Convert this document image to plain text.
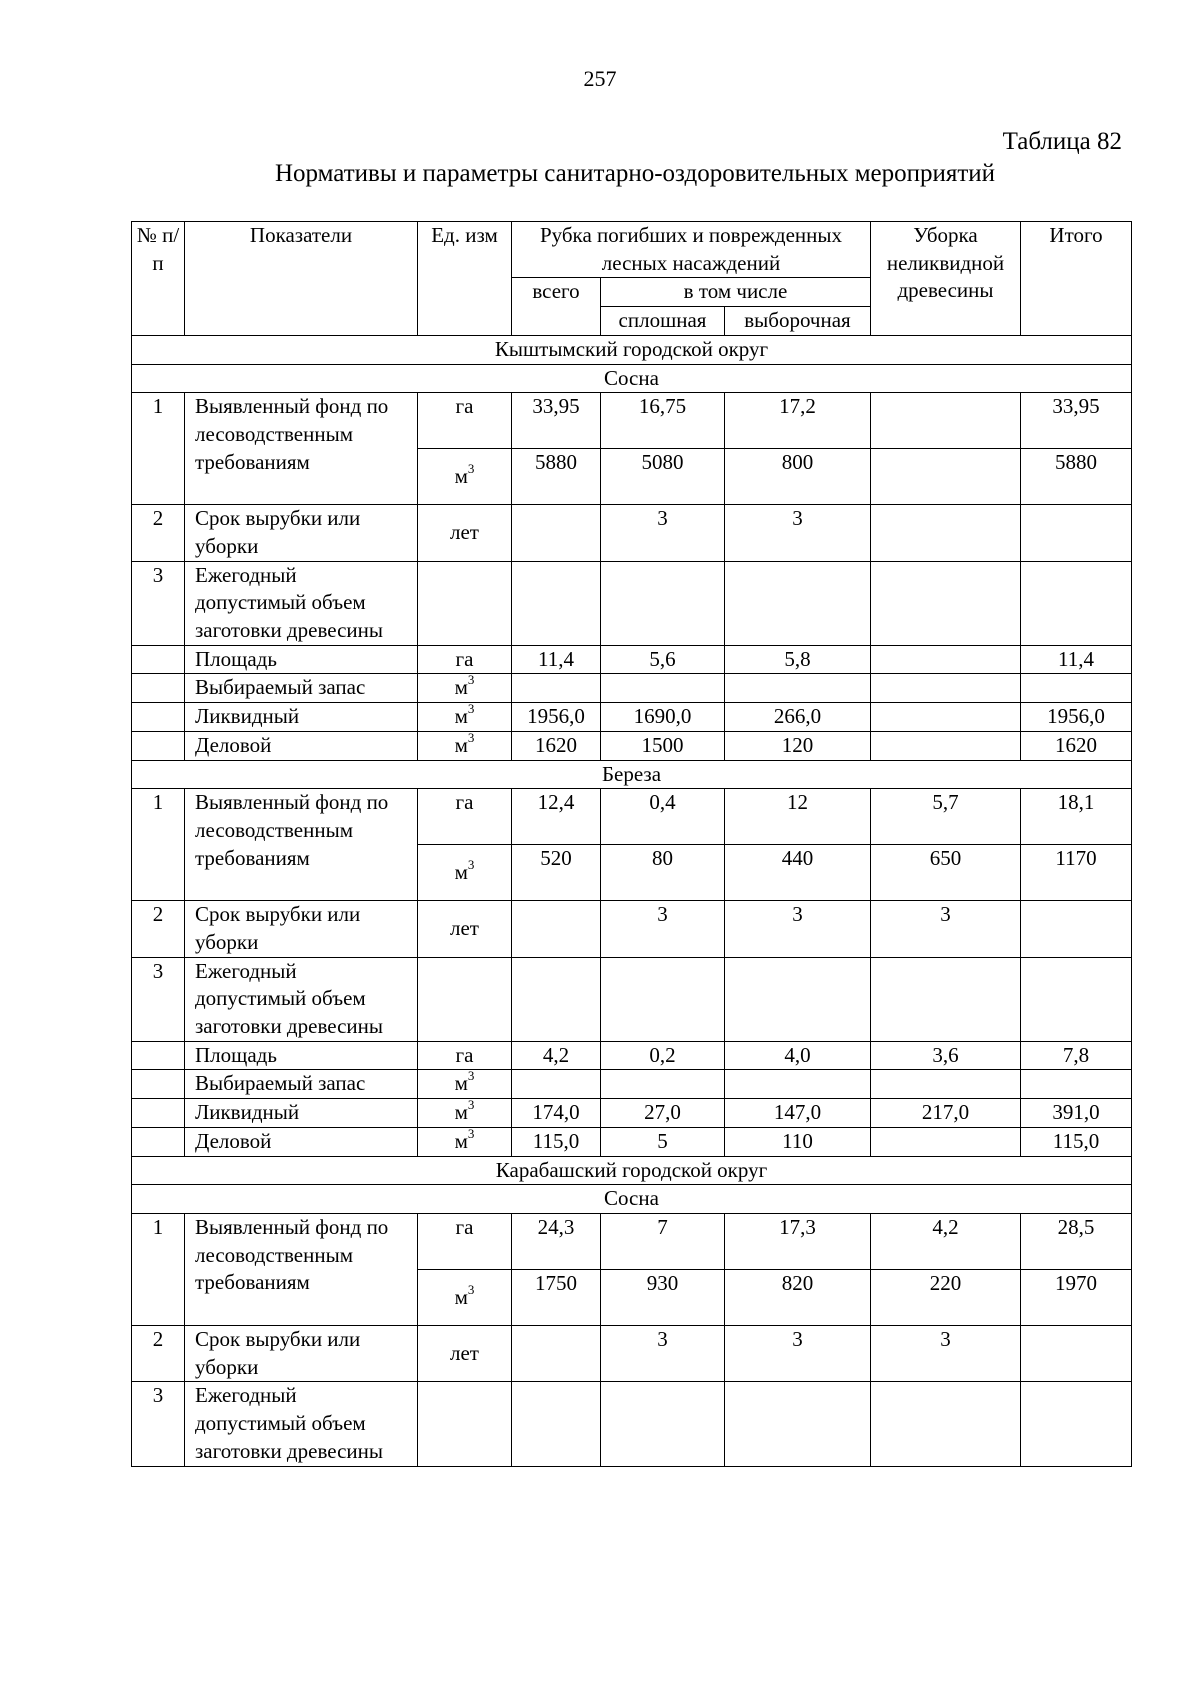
257
Таблица 82
Нормативы и параметры санитарно-оздоровительных мероприятий
№ п/п	Показатели	Ед. изм	Рубка погибших и поврежденных лесных насаждений			Уборка неликвидной древесины	Итого
			всего	в том числе			
				сплошная	выборочная		
Кыштымский городской округ							
Сосна							
1	Выявленный фонд по лесоводственным требованиям	га	33,95	16,75	17,2		33,95
		$м^3$	5880	5080	800		5880
2	Срок вырубки или уборки	лет		3	3		
3	Ежегодный допустимый объем заготовки древесины						
	Площадь	га	11,4	5,6	5,8		11,4
	Выбираемый запас	$м^3$					
	Ликвидный	$м^3$	1956,0	1690,0	266,0		1956,0
	Деловой	$м^3$	1620	1500	120		1620
Береза							
1	Выявленный фонд по лесоводственным требованиям	га	12,4	0,4	12	5,7	18,1
		$м^3$	520	80	440	650	1170
2	Срок вырубки или уборки	лет		3	3	3	
3	Ежегодный допустимый объем заготовки древесины						
	Площадь	га	4,2	0,2	4,0	3,6	7,8
	Выбираемый запас	$м^3$					
	Ликвидный	$м^3$	174,0	27,0	147,0	217,0	391,0
	Деловой	$м^3$	115,0	5	110		115,0
Карабашский городской округ							
Сосна							
1	Выявленный фонд по лесоводственным требованиям	га	24,3	7	17,3	4,2	28,5
		$м^3$	1750	930	820	220	1970
2	Срок вырубки или уборки	лет		3	3	3	
3	Ежегодный допустимый объем заготовки древесины						
